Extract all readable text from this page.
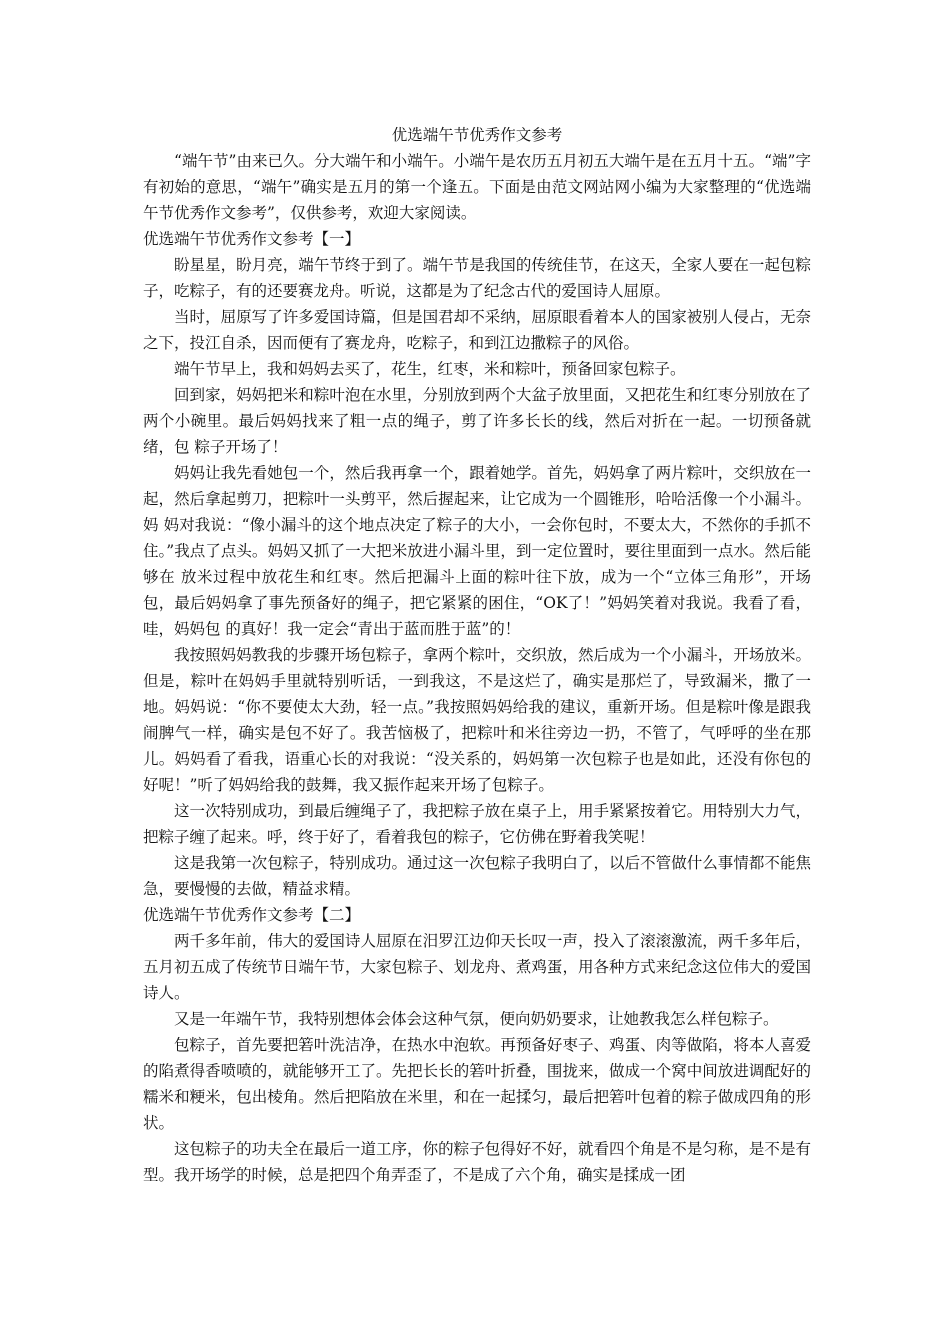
优选端午节优秀作文参考

“端午节”由来已久。分大端午和小端午。小端午是农历五月初五大端午是在五月十五。“端”字有初始的意思，“端午”确实是五月的第一个逢五。下面是由范文网站网小编为大家整理的“优选端午节优秀作文参考”，仅供参考，欢迎大家阅读。

优选端午节优秀作文参考【一】

盼星星，盼月亮，端午节终于到了。端午节是我国的传统佳节，在这天，全家人要在一起包粽子，吃粽子，有的还要赛龙舟。听说，这都是为了纪念古代的爱国诗人屈原。

当时，屈原写了许多爱国诗篇，但是国君却不采纳，屈原眼看着本人的国家被别人侵占，无奈之下，投江自杀，因而便有了赛龙舟，吃粽子，和到江边撒粽子的风俗。

端午节早上，我和妈妈去买了，花生，红枣，米和粽叶，预备回家包粽子。

回到家，妈妈把米和粽叶泡在水里，分别放到两个大盆子放里面，又把花生和红枣分别放在了两个小碗里。最后妈妈找来了粗一点的绳子，剪了许多长长的线，然后对折在一起。一切预备就绪，包 粽子开场了！

妈妈让我先看她包一个，然后我再拿一个，跟着她学。首先，妈妈拿了两片粽叶，交织放在一起，然后拿起剪刀，把粽叶一头剪平，然后握起来，让它成为一个圆锥形，哈哈活像一个小漏斗。妈 妈对我说：“像小漏斗的这个地点决定了粽子的大小，一会你包时，不要太大，不然你的手抓不住。”我点了点头。妈妈又抓了一大把米放进小漏斗里，到一定位置时，要往里面到一点水。然后能够在 放米过程中放花生和红枣。然后把漏斗上面的粽叶往下放，成为一个“立体三角形”，开场包，最后妈妈拿了事先预备好的绳子，把它紧紧的困住，“OK了！”妈妈笑着对我说。我看了看，哇，妈妈包 的真好！我一定会“青出于蓝而胜于蓝”的！

我按照妈妈教我的步骤开场包粽子，拿两个粽叶，交织放，然后成为一个小漏斗，开场放米。但是，粽叶在妈妈手里就特别听话，一到我这，不是这烂了，确实是那烂了，导致漏米，撒了一地。妈妈说：“你不要使太大劲，轻一点。”我按照妈妈给我的建议，重新开场。但是粽叶像是跟我闹脾气一样，确实是包不好了。我苦恼极了，把粽叶和米往旁边一扔，不管了，气呼呼的坐在那儿。妈妈看了看我，语重心长的对我说：“没关系的，妈妈第一次包粽子也是如此，还没有你包的好呢！”听了妈妈给我的鼓舞，我又振作起来开场了包粽子。

这一次特别成功，到最后缠绳子了，我把粽子放在桌子上，用手紧紧按着它。用特别大力气，把粽子缠了起来。呼，终于好了，看着我包的粽子，它仿佛在野着我笑呢！

这是我第一次包粽子，特别成功。通过这一次包粽子我明白了，以后不管做什么事情都不能焦急，要慢慢的去做，精益求精。

优选端午节优秀作文参考【二】

两千多年前，伟大的爱国诗人屈原在汨罗江边仰天长叹一声，投入了滚滚激流，两千多年后，五月初五成了传统节日端午节，大家包粽子、划龙舟、煮鸡蛋，用各种方式来纪念这位伟大的爱国诗人。

又是一年端午节，我特别想体会体会这种气氛，便向奶奶要求，让她教我怎么样包粽子。

包粽子，首先要把箬叶洗洁净，在热水中泡软。再预备好枣子、鸡蛋、肉等做陷，将本人喜爱的陷煮得香喷喷的，就能够开工了。先把长长的箬叶折叠，围拢来，做成一个窝中间放进调配好的糯米和粳米，包出棱角。然后把陷放在米里，和在一起揉匀，最后把箬叶包着的粽子做成四角的形状。

这包粽子的功夫全在最后一道工序，你的粽子包得好不好，就看四个角是不是匀称，是不是有型。我开场学的时候，总是把四个角弄歪了，不是成了六个角，确实是揉成一团
